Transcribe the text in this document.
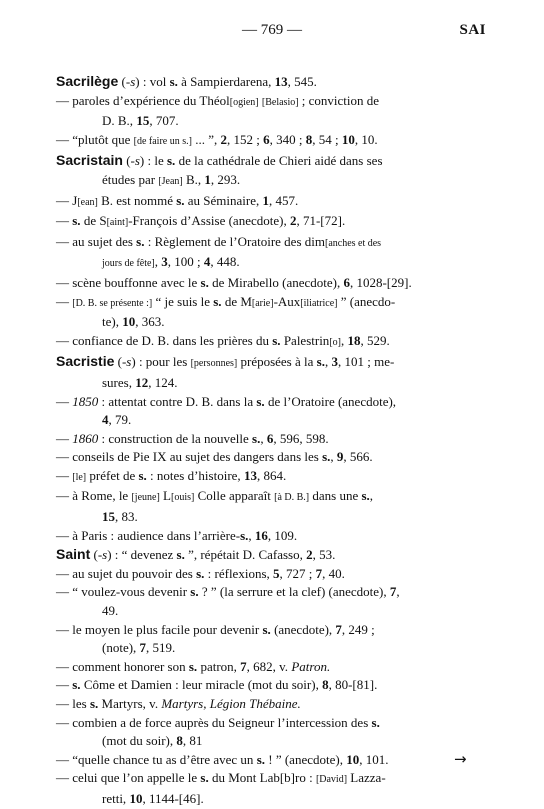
— 769 —	SAI
Sacrilège (-s) : vol s. à Sampierdarena, 13, 545.
— paroles d’expérience du Théol[ogien] [Belasio] ; conviction de
D. B., 15, 707.
— “plutôt que [de faire un s.] ... ”, 2, 152 ; 6, 340 ; 8, 54 ; 10, 10.
Sacristain (-s) : le s. de la cathédrale de Chieri aidé dans ses
études par [Jean] B., 1, 293.
— J[ean] B. est nommé s. au Séminaire, 1, 457.
— s. de S[aint]-François d’Assise (anecdote), 2, 71-[72].
— au sujet des s. : Règlement de l’Oratoire des dim[anches et des
jours de fête], 3, 100 ; 4, 448.
— scène bouffonne avec le s. de Mirabello (anecdote), 6, 1028-[29].
— [D. B. se présente :] “ je suis le s. de M[arie]-Aux[iliatrice] ” (anecdo-
te), 10, 363.
— confiance de D. B. dans les prières du s. Palestrin[o], 18, 529.
Sacristie (-s) : pour les [personnes] préposées à la s., 3, 101 ; me-
sures, 12, 124.
— 1850 : attentat contre D. B. dans la s. de l’Oratoire (anecdote),
4, 79.
— 1860 : construction de la nouvelle s., 6, 596, 598.
— conseils de Pie IX au sujet des dangers dans les s., 9, 566.
— [le] préfet de s. : notes d’histoire, 13, 864.
— à Rome, le [jeune] L[ouis] Colle apparaît [à D. B.] dans une s.,
15, 83.
— à Paris : audience dans l’arrière-s., 16, 109.
Saint (-s) : “ devenez s. ”, répétait D. Cafasso, 2, 53.
— au sujet du pouvoir des s. : réflexions, 5, 727 ; 7, 40.
— “ voulez-vous devenir s. ? ” (la serrure et la clef) (anecdote), 7,
49.
— le moyen le plus facile pour devenir s. (anecdote), 7, 249 ;
(note), 7, 519.
— comment honorer son s. patron, 7, 682, v. Patron.
— s. Côme et Damien : leur miracle (mot du soir), 8, 80-[81].
— les s. Martyrs, v. Martyrs, Légion Thébaine.
— combien a de force auprès du Seigneur l’intercession des s.
(mot du soir), 8, 81
— “quelle chance tu as d’être avec un s. ! ” (anecdote), 10, 101.
— celui que l’on appelle le s. du Mont Lab[b]ro : [David] Lazza-
retti, 10, 1144-[46].
→
